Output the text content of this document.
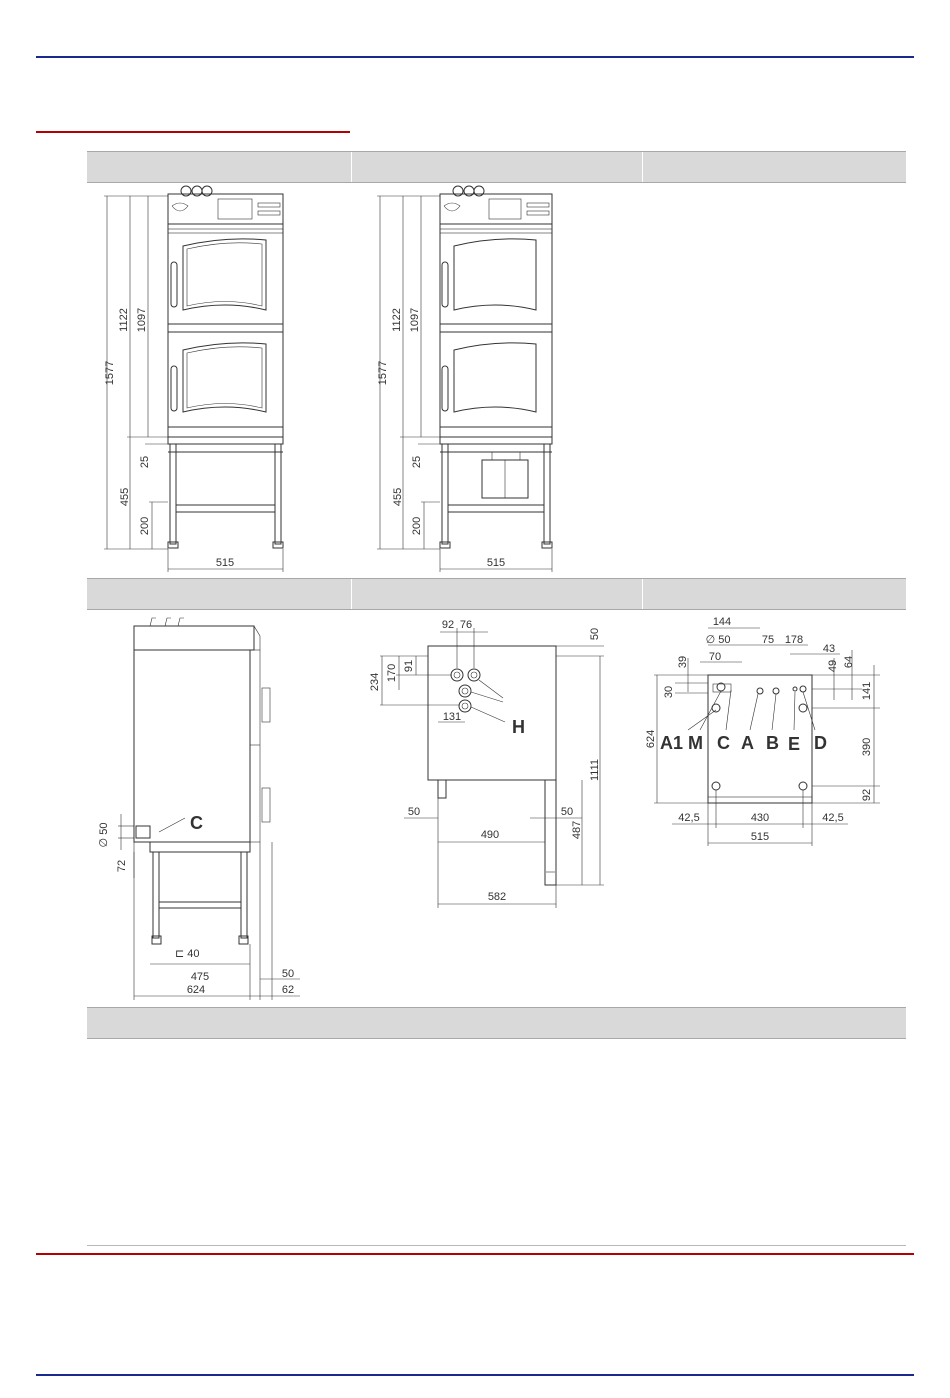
1577
1122 1097
25
455
200
515
1577
1122 1097
25
455
200
515
C
∅ 50
72
⊏ 40
475	50
624	62
H
92 76
50
234 170 91
131
1111
50	50
490	487
582
A1 M C A B E D
144
∅ 50	75 178
70
43
39
30
49 64
141
390
92
624
42,5	430	42,5
515
